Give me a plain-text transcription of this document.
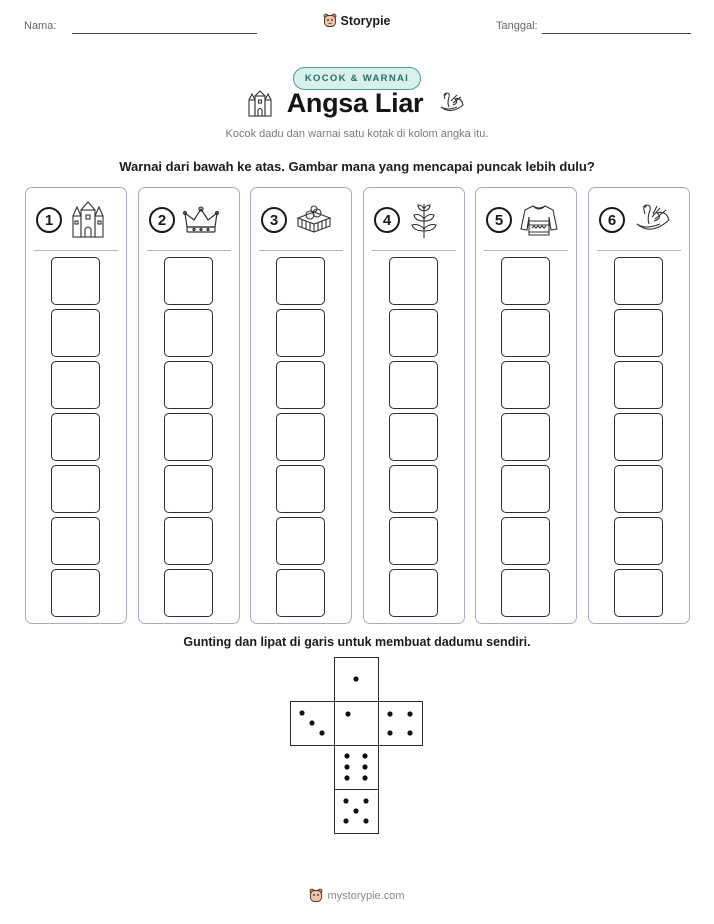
Nama:	Storypie	Tanggal:
KOCOK & WARNAI
Angsa Liar
Kocok dadu dan warnai satu kotak di kolom angka itu.
Warnai dari bawah ke atas. Gambar mana yang mencapai puncak lebih dulu?
1	2	3	4	5	6
Gunting dan lipat di garis untuk membuat dadumu sendiri.
mystorypie.com
